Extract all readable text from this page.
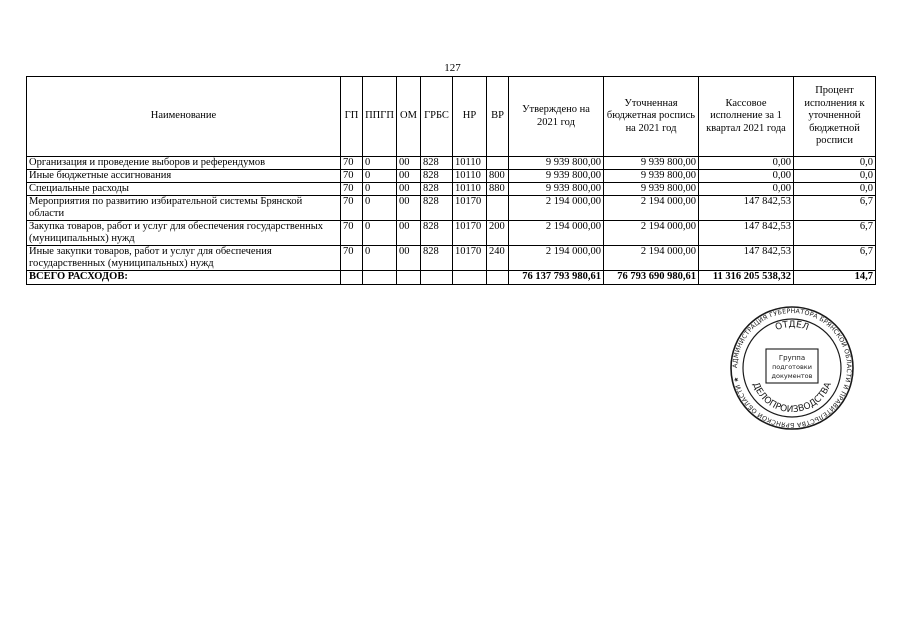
127
Наименование	ГП	ППГП	ОМ	ГРБС	НР	ВР	Утверждено на 2021 год	Уточненная бюджетная роспись на 2021 год	Кассовое исполнение за 1 квартал 2021 года	Процент исполнения к уточненной бюджетной росписи
Организация и проведение выборов и референдумов	70	0	00	828	10110		9 939 800,00	9 939 800,00	0,00	0,0
Иные бюджетные ассигнования	70	0	00	828	10110	800	9 939 800,00	9 939 800,00	0,00	0,0
Специальные расходы	70	0	00	828	10110	880	9 939 800,00	9 939 800,00	0,00	0,0
Мероприятия по развитию избирательной системы Брянской области	70	0	00	828	10170		2 194 000,00	2 194 000,00	147 842,53	6,7
Закупка товаров, работ и услуг для обеспечения государственных (муниципальных) нужд	70	0	00	828	10170	200	2 194 000,00	2 194 000,00	147 842,53	6,7
Иные закупки товаров, работ и услуг для обеспечения государственных (муниципальных) нужд	70	0	00	828	10170	240	2 194 000,00	2 194 000,00	147 842,53	6,7
ВСЕГО РАСХОДОВ:							76 137 793 980,61	76 793 690 980,61	11 316 205 538,32	14,7
АДМИНИСТРАЦИЯ ГУБЕРНАТОРА БРЯНСКОЙ ОБЛАСТИ И ПРАВИТЕЛЬСТВА БРЯНСКОЙ ОБЛАСТИ ★
ОТДЕЛ
ДЕЛОПРОИЗВОДСТВА
Группа
подготовки
документов
